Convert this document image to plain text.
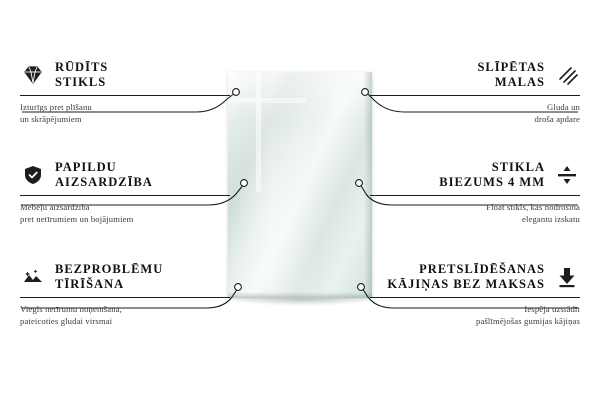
RŪDĪTS
STIKLS
Izturīgs pret plīšanu
un skrāpējumiem
PAPILDU
AIZSARDZĪBA
Mēbeļu aizsardzība
pret netīrumiem un bojājumiem
BEZPROBLĒMU
TĪRĪŠANA
Viegls netīrumu noņemšana,
pateicoties gludai virsmai
SLĪPĒTAS
MALAS
Gluda un
droša apdare
STIKLA
BIEZUMS 4 MM
Float stikls, kas nodrošina
elegantu izskatu
PRETSLĪDĒŠANAS
KĀJIŅAS BEZ MAKSAS
Iespēja uzstādīt
pašlīmējošas gumijas kājiņas
